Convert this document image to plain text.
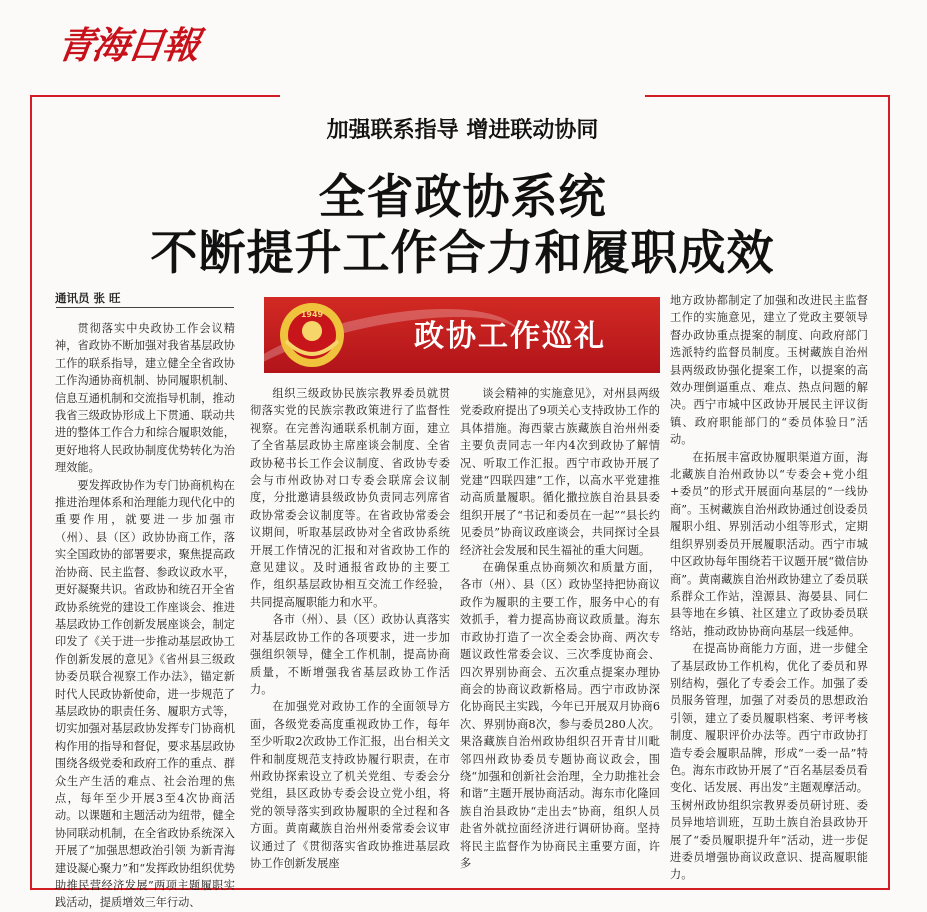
青海日報
加强联系指导 增进联动协同
全省政协系统
不断提升工作合力和履职成效
通讯员 张 旺
1949
政协工作巡礼

贯彻落实中央政协工作会议精神，省政协不断加强对我省基层政协工作的联系指导，建立健全全省政协工作沟通协商机制、协同履职机制、信息互通机制和交流指导机制，推动我省三级政协形成上下贯通、联动共进的整体工作合力和综合履职效能，更好地将人民政协制度优势转化为治理效能。

要发挥政协作为专门协商机构在推进治理体系和治理能力现代化中的重要作用，就要进一步加强市（州）、县（区）政协协商工作，落实全国政协的部署要求，聚焦提高政治协商、民主监督、参政议政水平，更好凝聚共识。省政协和统召开全省政协系统党的建设工作座谈会、推进基层政协工作创新发展座谈会，制定印发了《关于进一步推动基层政协工作创新发展的意见》《省州县三级政协委员联合视察工作办法》，锚定新时代人民政协新使命，进一步规范了基层政协的职责任务、履职方式等，切实加强对基层政协发挥专门协商机构作用的指导和督促，要求基层政协围绕各级党委和政府工作的重点、群众生产生活的难点、社会治理的焦点，每年至少开展3至4次协商活动。以课题和主题活动为纽带，健全协同联动机制，在全省政协系统深入开展了“加强思想政治引领 为新青海建设凝心聚力”和“发挥政协组织优势 助推民营经济发展”两项主题履职实践活动，提质增效三年行动、

组织三级政协民族宗教界委员就贯彻落实党的民族宗教政策进行了监督性视察。在完善沟通联系机制方面，建立了全省基层政协主席座谈会制度、全省政协秘书长工作会议制度、省政协专委会与市州政协对口专委会联席会议制度，分批邀请县级政协负责同志列席省政协常委会议制度等。在省政协常委会议期间，听取基层政协对全省政协系统开展工作情况的汇报和对省政协工作的意见建议。及时通报省政协的主要工作，组织基层政协相互交流工作经验，共同提高履职能力和水平。

各市（州）、县（区）政协认真落实对基层政协工作的各项要求，进一步加强组织领导，健全工作机制，提高协商质量，不断增强我省基层政协工作活力。

在加强党对政协工作的全面领导方面，各级党委高度重视政协工作，每年至少听取2次政协工作汇报，出台相关文件和制度规范支持政协履行职责，在市州政协探索设立了机关党组、专委会分党组，县区政协专委会设立党小组，将党的领导落实到政协履职的全过程和各方面。黄南藏族自治州州委常委会议审议通过了《贯彻落实省政协推进基层政协工作创新发展座

谈会精神的实施意见》，对州县两级党委政府提出了9项关心支持政协工作的具体措施。海西蒙古族藏族自治州州委主要负责同志一年内4次到政协了解情况、听取工作汇报。西宁市政协开展了党建“四联四建”工作，以高水平党建推动高质量履职。循化撒拉族自治县县委组织开展了“书记和委员在一起”“县长约见委员”协商议政座谈会，共同探讨全县经济社会发展和民生福祉的重大问题。

在确保重点协商频次和质量方面，各市（州）、县（区）政协坚持把协商议政作为履职的主要工作，服务中心的有效抓手，着力提高协商议政质量。海东市政协打造了一次全委会协商、两次专题议政性常委会议、三次季度协商会、四次界别协商会、五次重点提案办理协商会的协商议政新格局。西宁市政协深化协商民主实践，今年已开展双月协商6次、界别协商8次，参与委员280人次。果洛藏族自治州政协组织召开青甘川毗邻四州政协委员专题协商议政会，围绕“加强和创新社会治理，全力助推社会和谐”主题开展协商活动。海东市化隆回族自治县政协“走出去”协商，组织人员赴省外就拉面经济进行调研协商。坚持将民主监督作为协商民主重要方面，许多

地方政协都制定了加强和改进民主监督工作的实施意见，建立了党政主要领导督办政协重点提案的制度、向政府部门选派特约监督员制度。玉树藏族自治州县两级政协强化提案工作，以提案的高效办理倒逼重点、难点、热点问题的解决。西宁市城中区政协开展民主评议街镇、政府职能部门的“委员体验日”活动。

在拓展丰富政协履职渠道方面，海北藏族自治州政协以“专委会+党小组+委员”的形式开展面向基层的“一线协商”。玉树藏族自治州政协通过创设委员履职小组、界别活动小组等形式，定期组织界别委员开展履职活动。西宁市城中区政协每年围绕若干议题开展“微信协商”。黄南藏族自治州政协建立了委员联系群众工作站，湟源县、海晏县、同仁县等地在乡镇、社区建立了政协委员联络站，推动政协协商向基层一线延伸。

在提高协商能力方面，进一步健全了基层政协工作机构，优化了委员和界别结构，强化了专委会工作。加强了委员服务管理，加强了对委员的思想政治引领，建立了委员履职档案、考评考核制度、履职评价办法等。西宁市政协打造专委会履职品牌，形成“一委一品”特色。海东市政协开展了“百名基层委员看变化、话发展、再出发”主题观摩活动。玉树州政协组织宗教界委员研讨班、委员异地培训班，互助土族自治县政协开展了“委员履职提升年”活动，进一步促进委员增强协商议政意识、提高履职能力。
